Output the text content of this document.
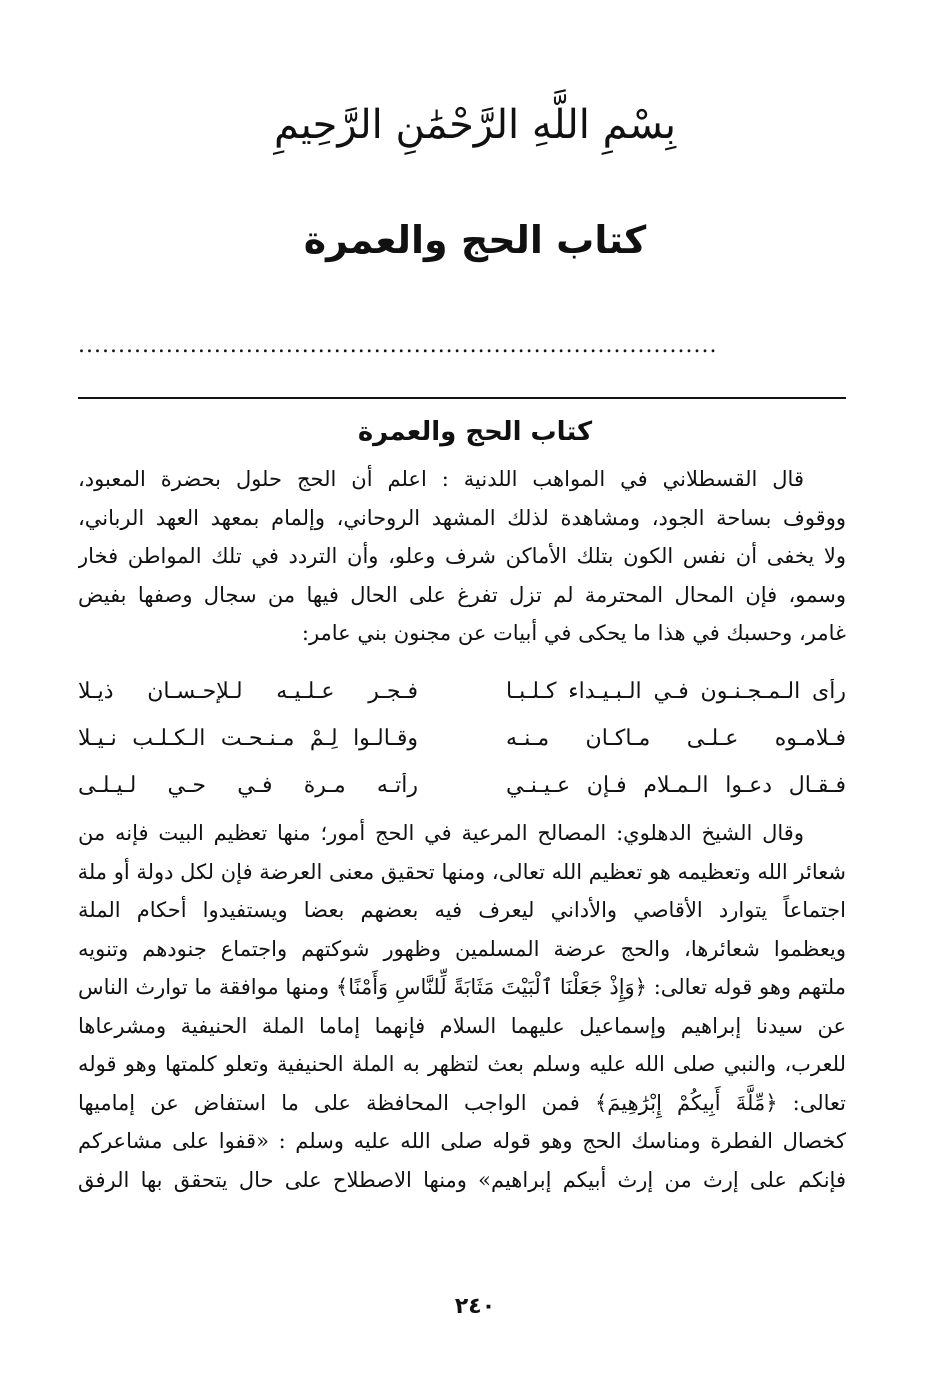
بِسْمِ اللَّهِ الرَّحْمَٰنِ الرَّحِيمِ
كتاب الحج والعمرة
................................................................................
كتاب الحج والعمرة
قال القسطلاني في المواهب اللدنية : اعلم أن الحج حلول بحضرة المعبود،
ووقوف بساحة الجود، ومشاهدة لذلك المشهد الروحاني، وإلمام بمعهد العهد الرباني،
ولا يخفى أن نفس الكون بتلك الأماكن شرف وعلو، وأن التردد في تلك المواطن فخار
وسمو، فإن المحال المحترمة لم تزل تفرغ على الحال فيها من سجال وصفها بفيض
غامر، وحسبك في هذا ما يحكى في أبيات عن مجنون بني عامر:
رأى الـمـجـنـون فـي الـبـيـداء كـلـبـا
فـجـر عـلـيـه لـلإحـسـان ذيـلا
فـلامـوه عـلـى مـاكـان مـنـه
وقـالـوا لِـمْ مـنـحـت الـكـلـب نـيـلا
فـقـال دعـوا الـمـلام فـإن عـيـنـي
رأتـه مـرة فـي حـي لـيـلـى
وقال الشيخ الدهلوي: المصالح المرعية في الحج أمور؛ منها تعظيم البيت فإنه من
شعائر الله وتعظيمه هو تعظيم الله تعالى، ومنها تحقيق معنى العرضة فإن لكل دولة أو ملة
اجتماعاً يتوارد الأقاصي والأداني ليعرف فيه بعضهم بعضا ويستفيدوا أحكام الملة
ويعظموا شعائرها، والحج عرضة المسلمين وظهور شوكتهم واجتماع جنودهم وتنويه
ملتهم وهو قوله تعالى: ﴿وَإِذْ جَعَلْنَا ٱلْبَيْتَ مَثَابَةً لِّلنَّاسِ وَأَمْنًا﴾ ومنها موافقة ما توارث الناس
عن سيدنا إبراهيم وإسماعيل عليهما السلام فإنهما إماما الملة الحنيفية ومشرعاها
للعرب، والنبي صلى الله عليه وسلم بعث لتظهر به الملة الحنيفية وتعلو كلمتها وهو قوله
تعالى: ﴿مِّلَّةَ أَبِيكُمْ إِبْرَٰهِيمَ﴾ فمن الواجب المحافظة على ما استفاض عن إماميها
كخصال الفطرة ومناسك الحج وهو قوله صلى الله عليه وسلم : «قفوا على مشاعركم
فإنكم على إرث من إرث أبيكم إبراهيم» ومنها الاصطلاح على حال يتحقق بها الرفق
٢٤٠
